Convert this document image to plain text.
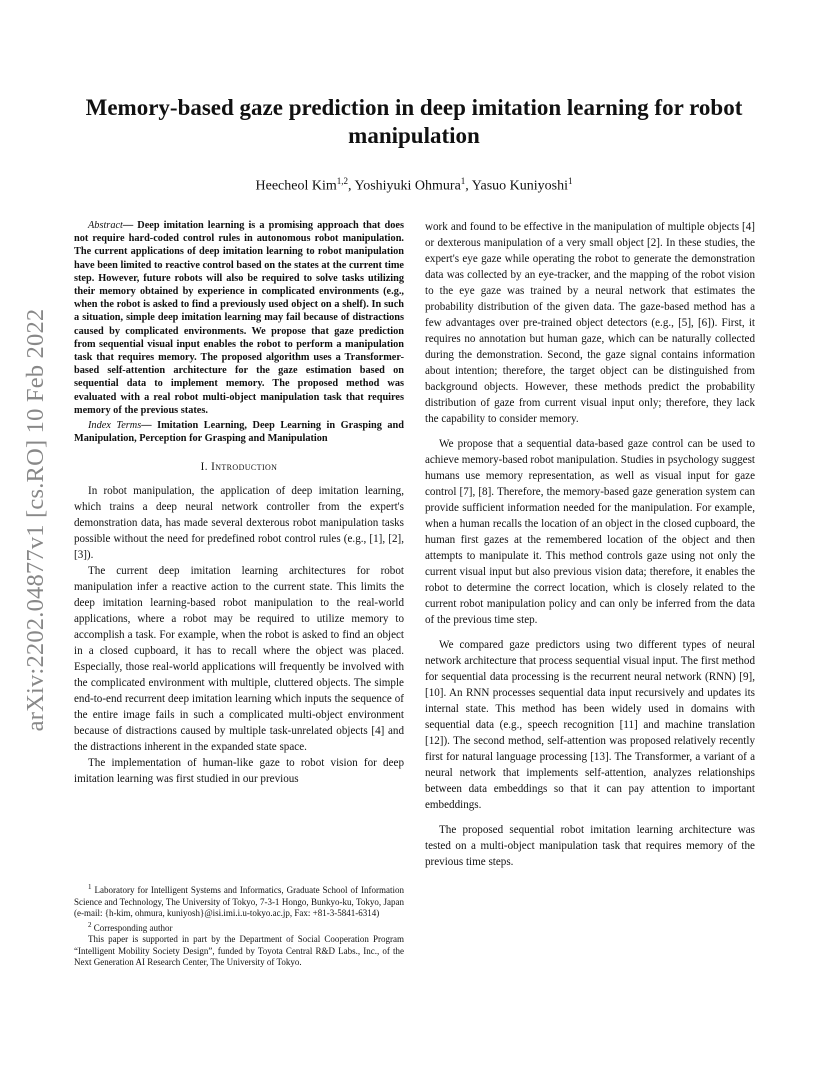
arXiv:2202.04877v1 [cs.RO] 10 Feb 2022
Memory-based gaze prediction in deep imitation learning for robot manipulation
Heecheol Kim$^{1,2}$, Yoshiyuki Ohmura$^1$, Yasuo Kuniyoshi$^1$

Abstract— Deep imitation learning is a promising approach that does not require hard-coded control rules in autonomous robot manipulation. The current applications of deep imitation learning to robot manipulation have been limited to reactive control based on the states at the current time step. However, future robots will also be required to solve tasks utilizing their memory obtained by experience in complicated environments (e.g., when the robot is asked to find a previously used object on a shelf). In such a situation, simple deep imitation learning may fail because of distractions caused by complicated environments. We propose that gaze prediction from sequential visual input enables the robot to perform a manipulation task that requires memory. The proposed algorithm uses a Transformer-based self-attention architecture for the gaze estimation based on sequential data to implement memory. The proposed method was evaluated with a real robot multi-object manipulation task that requires memory of the previous states.

Index Terms— Imitation Learning, Deep Learning in Grasping and Manipulation, Perception for Grasping and Manipulation

I. Introduction

In robot manipulation, the application of deep imitation learning, which trains a deep neural network controller from the expert's demonstration data, has made several dexterous robot manipulation tasks possible without the need for predefined robot control rules (e.g., [1], [2], [3]).

The current deep imitation learning architectures for robot manipulation infer a reactive action to the current state. This limits the deep imitation learning-based robot manipulation to the real-world applications, where a robot may be required to utilize memory to accomplish a task. For example, when the robot is asked to find an object in a closed cupboard, it has to recall where the object was placed. Especially, those real-world applications will frequently be involved with the complicated environment with multiple, cluttered objects. The simple end-to-end recurrent deep imitation learning which inputs the sequence of the entire image fails in such a complicated multi-object environment because of distractions caused by multiple task-unrelated objects [4] and the distractions inherent in the expanded state space.

The implementation of human-like gaze to robot vision for deep imitation learning was first studied in our previous

$^1$ Laboratory for Intelligent Systems and Informatics, Graduate School of Information Science and Technology, The University of Tokyo, 7-3-1 Hongo, Bunkyo-ku, Tokyo, Japan (e-mail: {h-kim, ohmura, kuniyosh}@isi.imi.i.u-tokyo.ac.jp, Fax: +81-3-5841-6314)

$^2$ Corresponding author

This paper is supported in part by the Department of Social Cooperation Program “Intelligent Mobility Society Design”, funded by Toyota Central R&D Labs., Inc., of the Next Generation AI Research Center, The University of Tokyo.

work and found to be effective in the manipulation of multiple objects [4] or dexterous manipulation of a very small object [2]. In these studies, the expert's eye gaze while operating the robot to generate the demonstration data was collected by an eye-tracker, and the mapping of the robot vision to the eye gaze was trained by a neural network that estimates the probability distribution of the given data. The gaze-based method has a few advantages over pre-trained object detectors (e.g., [5], [6]). First, it requires no annotation but human gaze, which can be naturally collected during the demonstration. Second, the gaze signal contains information about intention; therefore, the target object can be distinguished from background objects. However, these methods predict the probability distribution of gaze from current visual input only; therefore, they lack the capability to consider memory.

We propose that a sequential data-based gaze control can be used to achieve memory-based robot manipulation. Studies in psychology suggest humans use memory representation, as well as visual input for gaze control [7], [8]. Therefore, the memory-based gaze generation system can provide sufficient information needed for the manipulation. For example, when a human recalls the location of an object in the closed cupboard, the human first gazes at the remembered location of the object and then attempts to manipulate it. This method controls gaze using not only the current visual input but also previous vision data; therefore, it enables the robot to determine the correct location, which is closely related to the current robot manipulation policy and can only be inferred from the data of the previous time step.

We compared gaze predictors using two different types of neural network architecture that process sequential visual input. The first method for sequential data processing is the recurrent neural network (RNN) [9], [10]. An RNN processes sequential data input recursively and updates its internal state. This method has been widely used in domains with sequential data (e.g., speech recognition [11] and machine translation [12]). The second method, self-attention was proposed relatively recently first for natural language processing [13]. The Transformer, a variant of a neural network that implements self-attention, analyzes relationships between data embeddings so that it can pay attention to important embeddings.

The proposed sequential robot imitation learning architecture was tested on a multi-object manipulation task that requires memory of the previous time steps.
